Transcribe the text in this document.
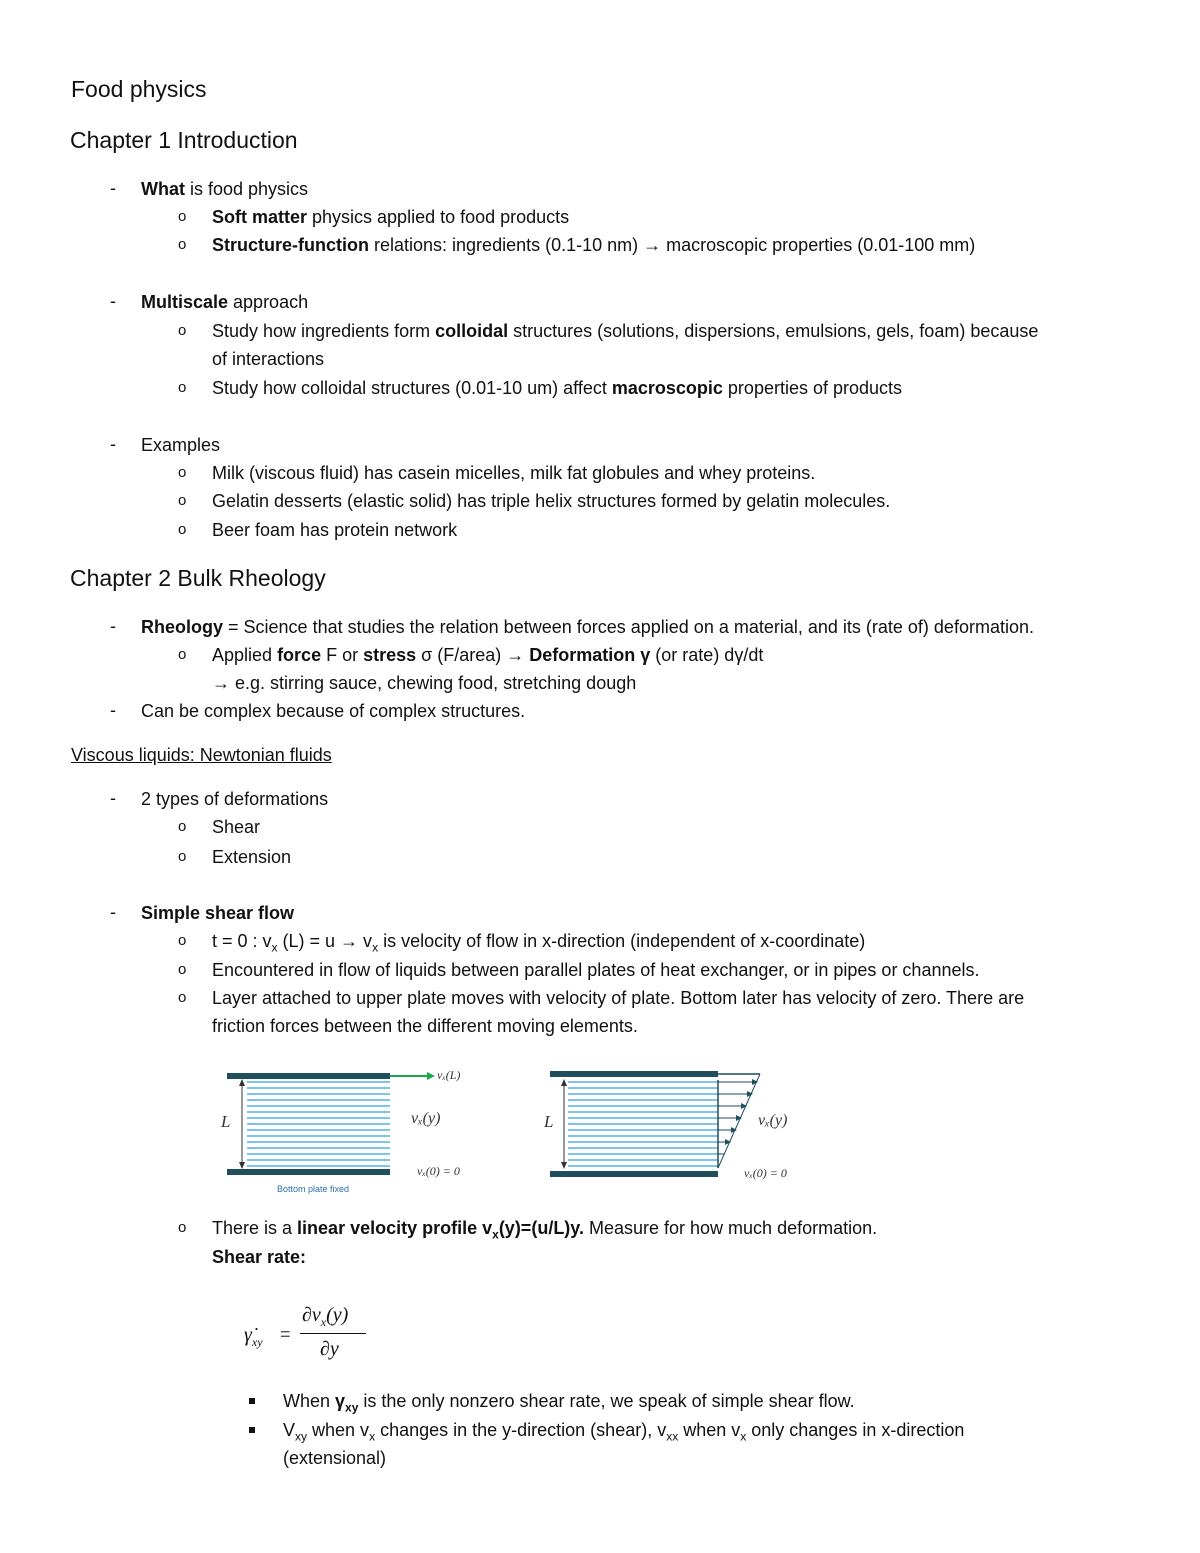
Food physics
Chapter 1 Introduction
- What is food physics
o Soft matter physics applied to food products
o Structure-function relations: ingredients (0.1-10 nm) → macroscopic properties (0.01-100 mm)
- Multiscale approach
o Study how ingredients form colloidal structures (solutions, dispersions, emulsions, gels, foam) because
of interactions
o Study how colloidal structures (0.01-10 um) affect macroscopic properties of products
- Examples
o Milk (viscous fluid) has casein micelles, milk fat globules and whey proteins.
o Gelatin desserts (elastic solid) has triple helix structures formed by gelatin molecules.
o Beer foam has protein network
Chapter 2 Bulk Rheology
- Rheology = Science that studies the relation between forces applied on a material, and its (rate of) deformation.
o Applied force F or stress σ (F/area) → Deformation γ (or rate) dγ/dt
→ e.g. stirring sauce, chewing food, stretching dough
- Can be complex because of complex structures.
Viscous liquids: Newtonian fluids
- 2 types of deformations
o Shear
o Extension
- Simple shear flow
o t = 0 : $v_x$ $(L) = u \to v_x$ is velocity of flow in x-direction (independent of x-coordinate)
o Encountered in flow of liquids between parallel plates of heat exchanger, or in pipes or channels.
o Layer attached to upper plate moves with velocity of plate. Bottom later has velocity of zero. There are
friction forces between the different moving elements.
L
vₓ(L)
vₓ(y)
vₓ(0) = 0
Bottom plate fixed
L	vₓ(y)
vₓ(0) = 0
o There is a linear velocity profile $v_x(y)=(u/L)y$. Measure for how much deformation.
Shear rate:
$\gammȧ_{xy}$ =
$\partial v_x(y)$
∂y
When $\gamma_{xy}$ is the only nonzero shear rate, we speak of simple shear flow.
$V_{xy}$ when $v_x$ changes in the y-direction (shear), $v_{xx}$ when $v_x$ only changes in x-direction
(extensional)
